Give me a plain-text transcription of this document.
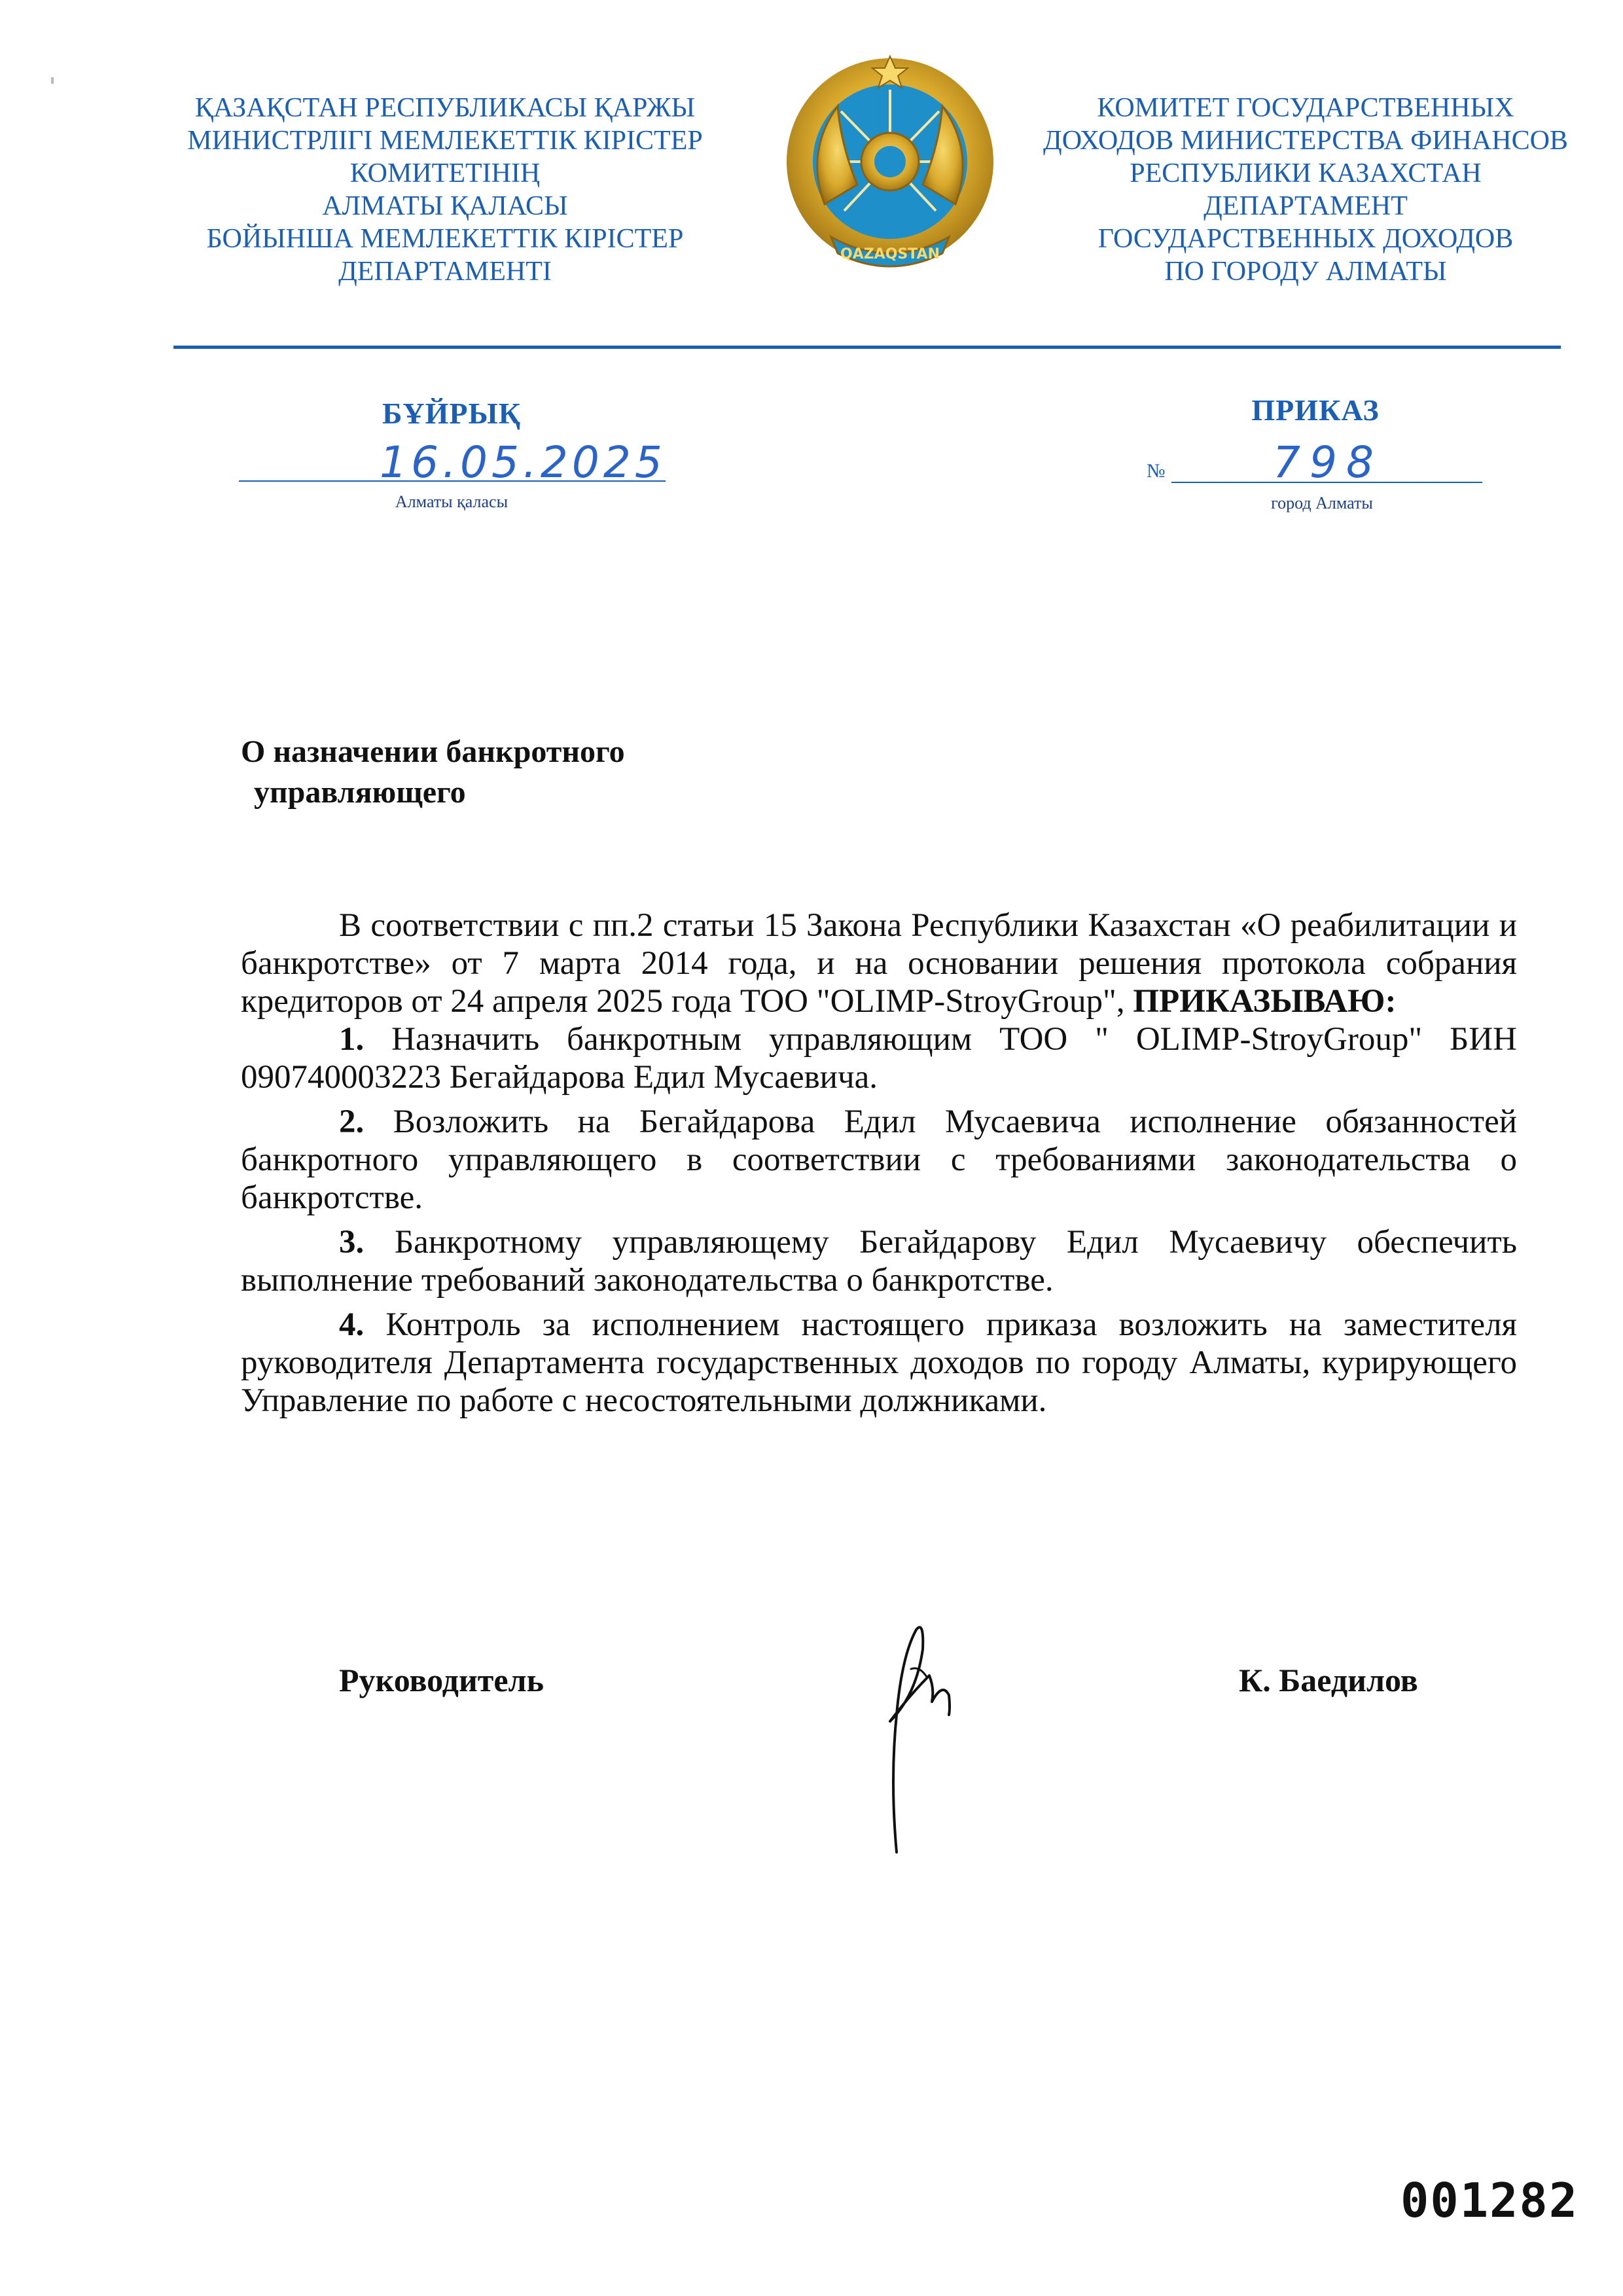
ҚАЗАҚСТАН РЕСПУБЛИКАСЫ ҚАРЖЫ
МИНИСТРЛІГІ МЕМЛЕКЕТТІК КІРІСТЕР
КОМИТЕТІНІҢ
АЛМАТЫ ҚАЛАСЫ
БОЙЫНША МЕМЛЕКЕТТІК КІРІСТЕР
ДЕПАРТАМЕНТІ
QAZAQSTAN
КОМИТЕТ ГОСУДАРСТВЕННЫХ
ДОХОДОВ МИНИСТЕРСТВА ФИНАНСОВ
РЕСПУБЛИКИ КАЗАХСТАН
ДЕПАРТАМЕНТ
ГОСУДАРСТВЕННЫХ ДОХОДОВ
ПО ГОРОДУ АЛМАТЫ
БҰЙРЫҚ	ПРИКАЗ
16.05.2025	№ 798
Алматы қаласы	город Алматы
О назначении банкротного
управляющего

В соответствии с пп.2 статьи 15 Закона Республики Казахстан «О реабилитации и банкротстве» от 7 марта 2014 года, и на основании решения протокола собрания кредиторов от 24 апреля 2025 года ТОО "OLIMP-StroyGroup", ПРИКАЗЫВАЮ:

1. Назначить банкротным управляющим ТОО " OLIMP-StroyGroup" БИН 090740003223 Бегайдарова Едил Мусаевича.

2. Возложить на Бегайдарова Едил Мусаевича исполнение обязанностей банкротного управляющего в соответствии с требованиями законодательства о банкротстве.

3. Банкротному управляющему Бегайдарову Едил Мусаевичу обеспечить выполнение требований законодательства о банкротстве.

4. Контроль за исполнением настоящего приказа возложить на заместителя руководителя Департамента государственных доходов по городу Алматы, курирующего Управление по работе с несостоятельными должниками.

Руководитель	К. Баедилов
001282
